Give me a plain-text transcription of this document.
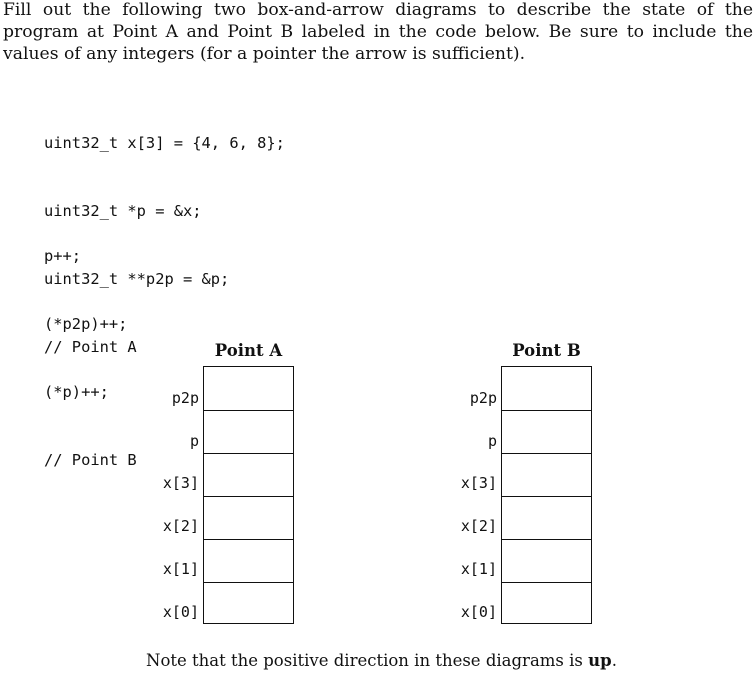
Fill out the following two box-and-arrow diagrams to describe the state of the program at Point A and Point B labeled in the code below. Be sure to include the values of any integers (for a pointer the arrow is sufficient).

uint32_t x[3] = {4, 6, 8};

uint32_t *p = &x;

uint32_t **p2p = &p;

// Point A

p++;

(*p2p)++;

(*p)++;

// Point B

Point A
p2p
p
x[3]
x[2]
x[1]
x[0]
Point B
p2p
p
x[3]
x[2]
x[1]
x[0]

Note that the positive direction in these diagrams is up.
